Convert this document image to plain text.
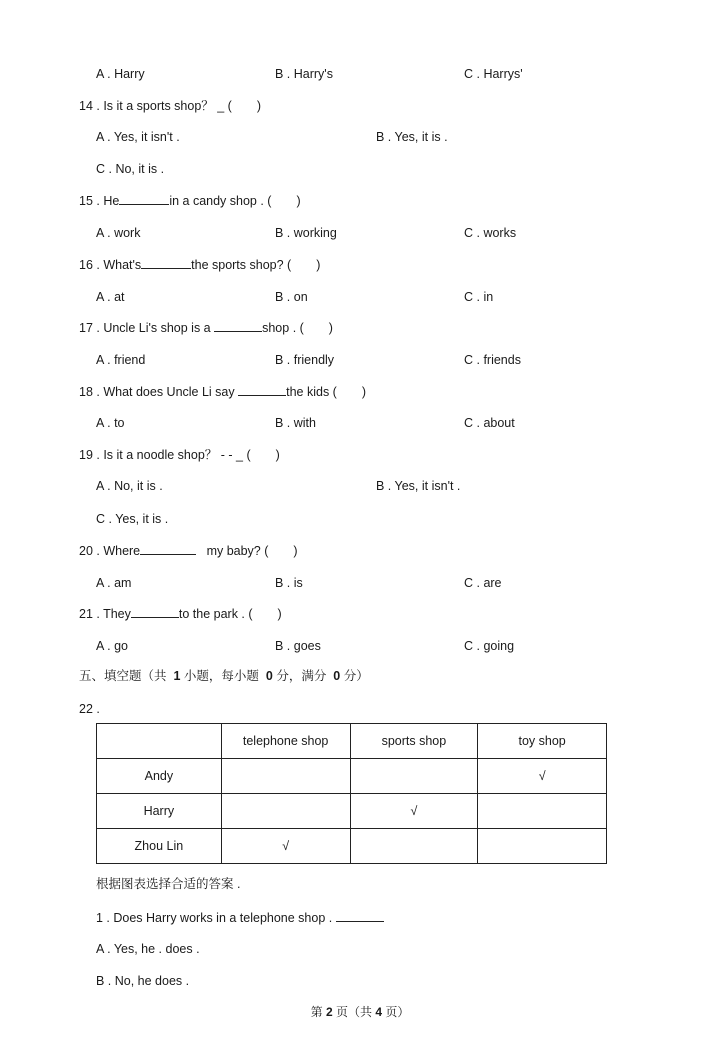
A . Harry	B . Harry's	C . Harrys'
14 . Is it a sports shop？ _ (　　)
A . Yes, it isn't .	B . Yes, it is .
C . No, it is .
15 . He	in a candy shop . (　　)
A . work	B . working	C . works
16 . What's	the sports shop? (　　)
A . at	B . on	C . in
17 . Uncle Li's shop is a	shop . (　　)
A . friend	B . friendly	C . friends
18 . What does Uncle Li say	the kids (　　)
A . to	B . with	C . about
19 . Is it a noodle shop？ - - _ (　　)
A . No, it is .	B . Yes, it isn't .
C . Yes, it is .
20 . Where	my baby? (　　)
A . am	B . is	C . are
21 . They	to the park . (　　)
A . go	B . goes	C . going
五、填空题（共 1 小题，每小题 0 分，满分 0 分）
22 .
	telephone shop	sports shop	toy shop
Andy			√
Harry		√	
Zhou Lin	√		
根据图表选择合适的答案 .
1 . Does Harry works in a telephone shop .
A . Yes, he . does .
B . No, he does .
第 2 页（共 4 页）
